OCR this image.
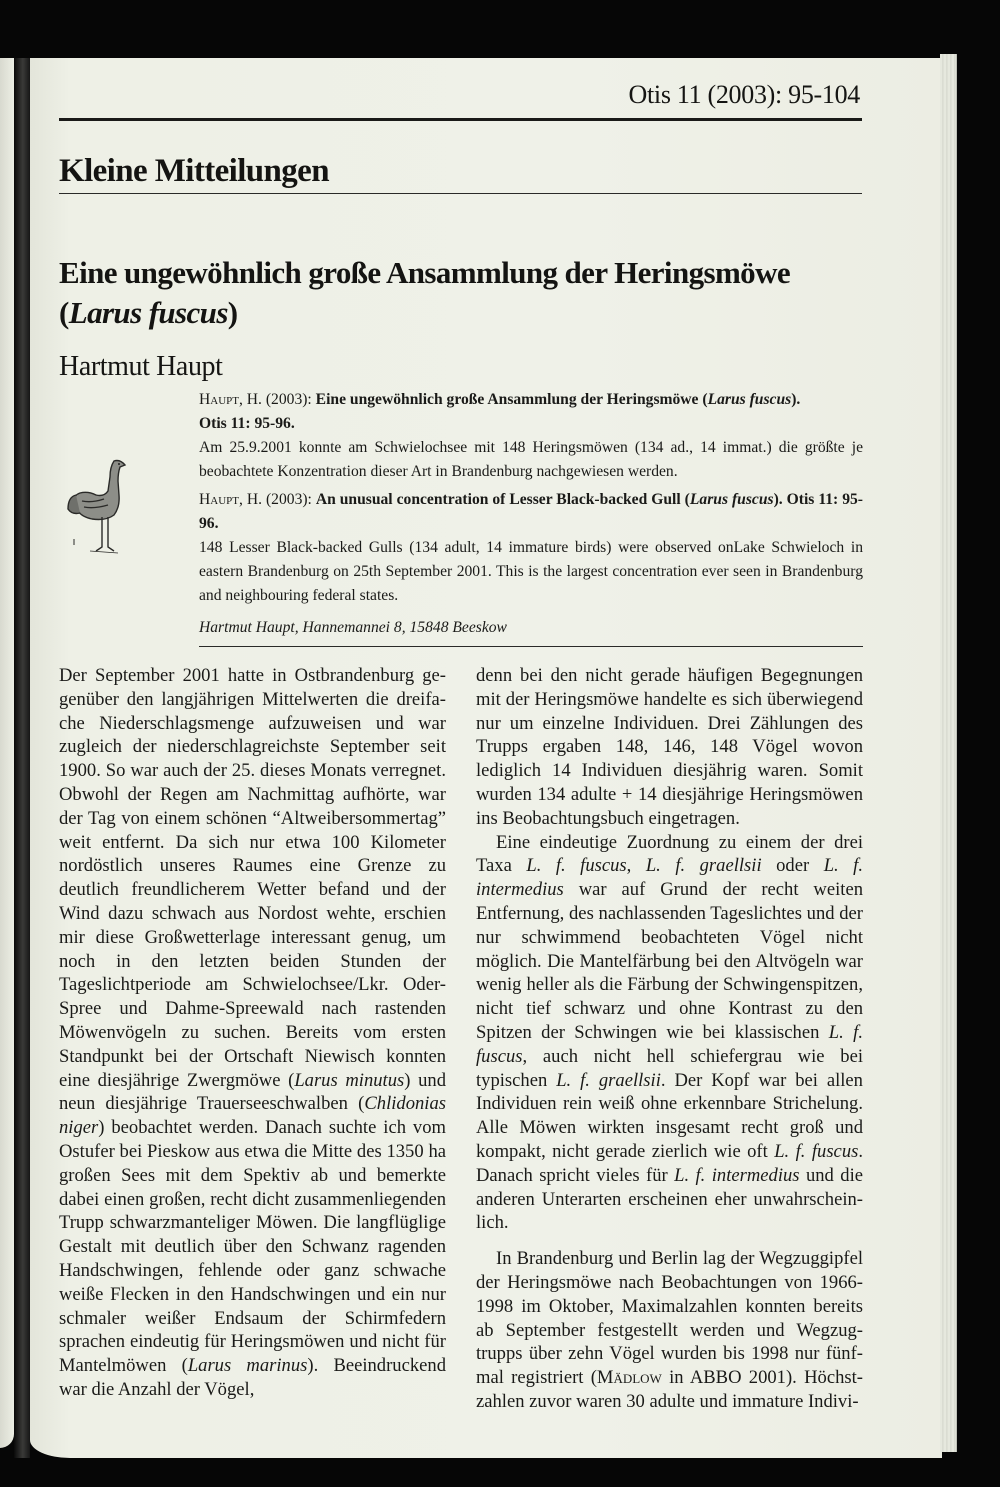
Otis 11 (2003): 95-104
Kleine Mitteilungen
Eine ungewöhnlich große Ansammlung der Heringsmöwe
(Larus fuscus)
Hartmut Haupt

Haupt, H. (2003): Eine ungewöhnlich große Ansammlung der Heringsmöwe (Larus fuscus).
Otis 11: 95-96.

Am 25.9.2001 konnte am Schwielochsee mit 148 Heringsmöwen (134 ad., 14 immat.) die größte je beobachtete Konzentration dieser Art in Brandenburg nachgewiesen werden.

Haupt, H. (2003): An unusual concentration of Lesser Black-backed Gull (Larus fuscus). Otis 11: 95-96.

148 Lesser Black-backed Gulls (134 adult, 14 immature birds) were observed onLake Schwieloch in eastern Brandenburg on 25th September 2001. This is the largest concentration ever seen in Brandenburg and neighbouring federal states.

Hartmut Haupt, Hannemannei 8, 15848 Beeskow

Der September 2001 hatte in Ostbrandenburg gegenüber den langjährigen Mittelwerten die dreifache Niederschlagsmenge aufzuweisen und war zugleich der niederschlagreichste September seit 1900. So war auch der 25. dieses Monats verregnet. Obwohl der Regen am Nachmittag aufhörte, war der Tag von einem schönen “Altweibersommertag” weit entfernt. Da sich nur etwa 100 Kilometer nordöstlich unseres Raumes eine Grenze zu deutlich freundlicherem Wetter befand und der Wind dazu schwach aus Nordost wehte, erschien mir diese Großwetterlage interessant genug, um noch in den letzten beiden Stunden der Tageslichtperiode am Schwielochsee/Lkr. Oder-Spree und Dahme-Spreewald nach rastenden Möwenvögeln zu suchen. Bereits vom ersten Standpunkt bei der Ortschaft Niewisch konnten eine diesjährige Zwergmöwe (Larus minutus) und neun diesjährige Trauerseeschwalben (Chlidonias niger) beobachtet werden. Danach suchte ich vom Ostufer bei Pieskow aus etwa die Mitte des 1350 ha großen Sees mit dem Spektiv ab und bemerkte dabei einen großen, recht dicht zusammenliegenden Trupp schwarzmanteliger Möwen. Die langflüglige Gestalt mit deutlich über den Schwanz ragenden Handschwingen, fehlende oder ganz schwache weiße Flecken in den Handschwingen und ein nur schmaler weißer Endsaum der Schirmfedern sprachen eindeutig für Heringsmöwen und nicht für Mantelmöwen (Larus marinus). Beeindruckend war die Anzahl der Vögel,

denn bei den nicht gerade häufigen Begegnungen mit der Heringsmöwe handelte es sich überwiegend nur um einzelne Individuen. Drei Zählungen des Trupps ergaben 148, 146, 148 Vögel wovon lediglich 14 Individuen diesjährig waren. Somit wurden 134 adulte + 14 diesjährige Heringsmöwen ins Beobachtungsbuch eingetragen.

Eine eindeutige Zuordnung zu einem der drei Taxa L. f. fuscus, L. f. graellsii oder L. f. intermedius war auf Grund der recht weiten Entfernung, des nachlassenden Tageslichtes und der nur schwimmend beobachteten Vögel nicht möglich. Die Mantelfärbung bei den Altvögeln war wenig heller als die Färbung der Schwingenspitzen, nicht tief schwarz und ohne Kontrast zu den Spitzen der Schwingen wie bei klassischen L. f. fuscus, auch nicht hell schiefergrau wie bei typischen L. f. graellsii. Der Kopf war bei allen Individuen rein weiß ohne erkennbare Strichelung. Alle Möwen wirkten insgesamt recht groß und kompakt, nicht gerade zierlich wie oft L. f. fuscus. Danach spricht vieles für L. f. intermedius und die anderen Unterarten erscheinen eher unwahrscheinlich.

In Brandenburg und Berlin lag der Wegzuggipfel der Heringsmöwe nach Beobachtungen von 1966-1998 im Oktober, Maximalzahlen konnten bereits ab September festgestellt werden und Wegzugtrupps über zehn Vögel wurden bis 1998 nur fünfmal registriert (Mädlow in ABBO 2001). Höchstzahlen zuvor waren 30 adulte und immature Indivi-
